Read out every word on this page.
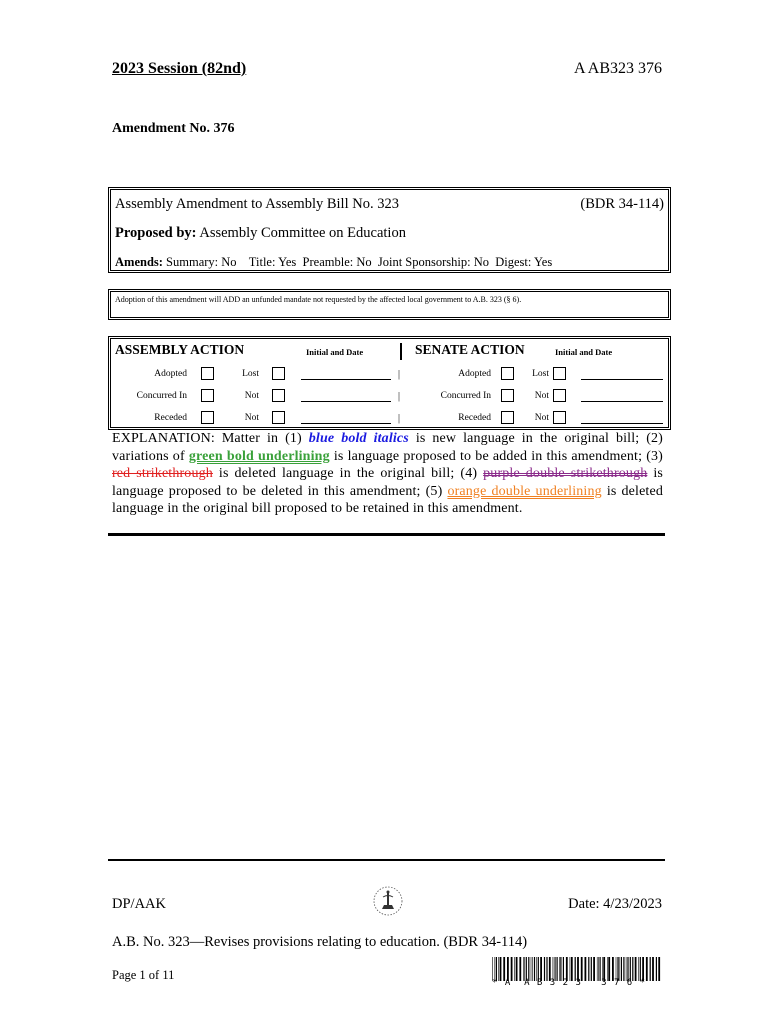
2023 Session (82nd)	A AB323 376
Amendment No. 376
Assembly Amendment to Assembly Bill No. 323	(BDR 34-114)
Proposed by: Assembly Committee on Education
Amends: Summary: No    Title: Yes  Preamble: No  Joint Sponsorship: No  Digest: Yes
Adoption of this amendment will ADD an unfunded mandate not requested by the affected local government to A.B. 323 (§ 6).
ASSEMBLY ACTION	Initial and Date	SENATE ACTION	Initial and Date
Adopted	Lost	|
Concurred In	Not	|
Receded	Not	|
Adopted	Lost
Concurred In	Not
Receded	Not
EXPLANATION: Matter in (1) blue bold italics is new language in the original bill; (2) variations of green bold underlining is language proposed to be added in this amendment; (3) red strikethrough is deleted language in the original bill; (4) purple double strikethrough is language proposed to be deleted in this amendment; (5) orange double underlining is deleted language in the original bill proposed to be retained in this amendment.
DP/AAK	Date: 4/23/2023
A.B. No. 323—Revises provisions relating to education. (BDR 34-114)
Page 1 of 11
* A  A B 3 2 3   3 7 6 *
